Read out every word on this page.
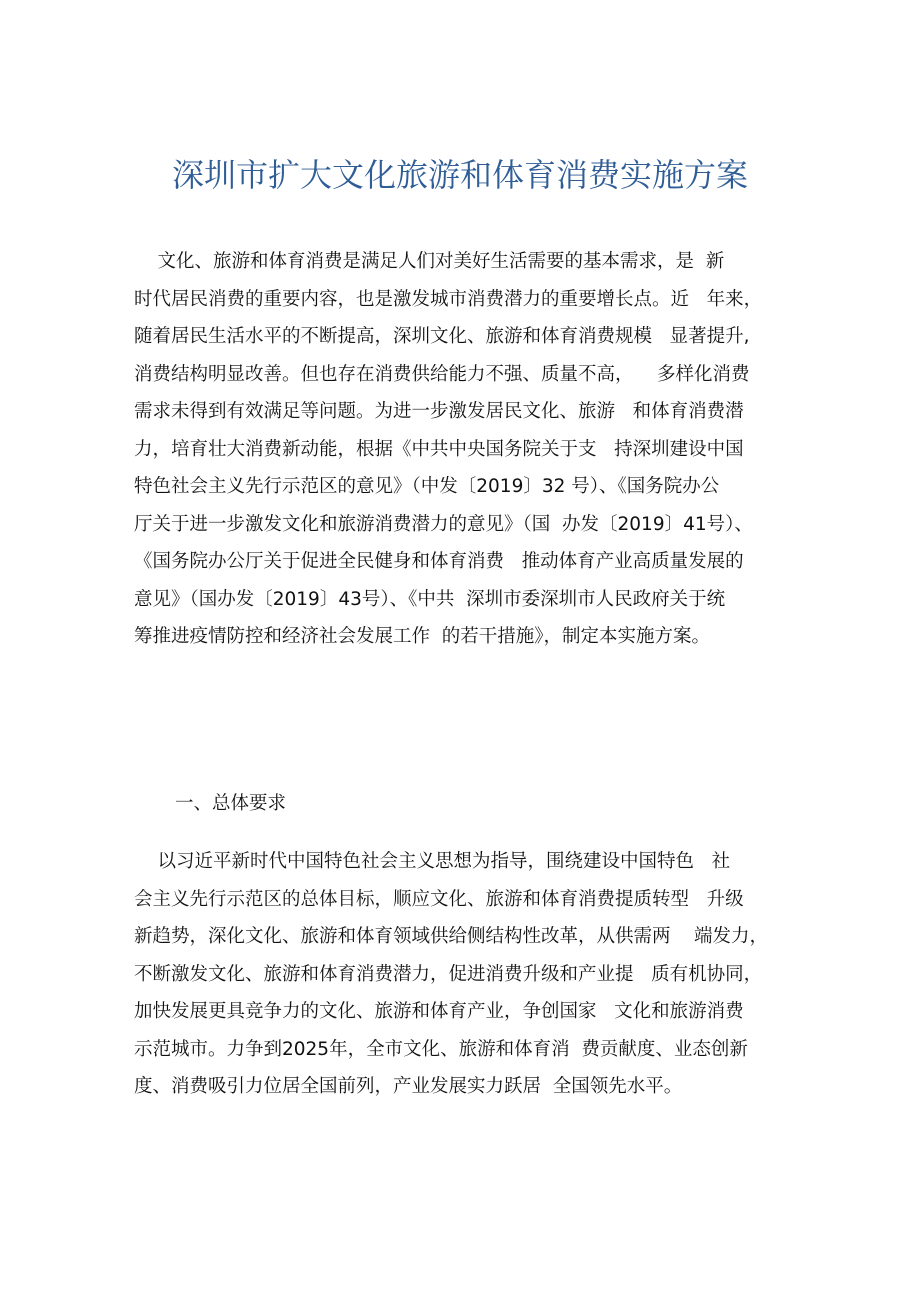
深圳市扩大文化旅游和体育消费实施方案
文化、旅游和体育消费是满足人们对美好生活需要的基本需求，是  新
时代居民消费的重要内容，也是激发城市消费潜力的重要增长点。近   年来，
随着居民生活水平的不断提高，深圳文化、旅游和体育消费规模   显著提升,
消费结构明显改善。但也存在消费供给能力不强、质量不高，    多样化消费
需求未得到有效满足等问题。为进一步激发居民文化、旅游   和体育消费潜
力，培育壮大消费新动能，根据《中共中央国务院关于支   持深圳建设中国
特色社会主义先行示范区的意见》（中发〔2019〕32 号）、《国务院办公
厅关于进一步激发文化和旅游消费潜力的意见》（国  办发〔2019〕41号）、
《国务院办公厅关于促进全民健身和体育消费   推动体育产业高质量发展的
意见》（国办发〔2019〕43号）、《中共  深圳市委深圳市人民政府关于统
筹推进疫情防控和经济社会发展工作  的若干措施》，制定本实施方案。
一、总体要求
以习近平新时代中国特色社会主义思想为指导，围绕建设中国特色   社
会主义先行示范区的总体目标，顺应文化、旅游和体育消费提质转型   升级
新趋势，深化文化、旅游和体育领域供给侧结构性改革，从供需两    端发力，
不断激发文化、旅游和体育消费潜力，促进消费升级和产业提   质有机协同，
加快发展更具竞争力的文化、旅游和体育产业，争创国家   文化和旅游消费
示范城市。力争到2025年，全市文化、旅游和体育消  费贡献度、业态创新
度、消费吸引力位居全国前列，产业发展实力跃居  全国领先水平。
